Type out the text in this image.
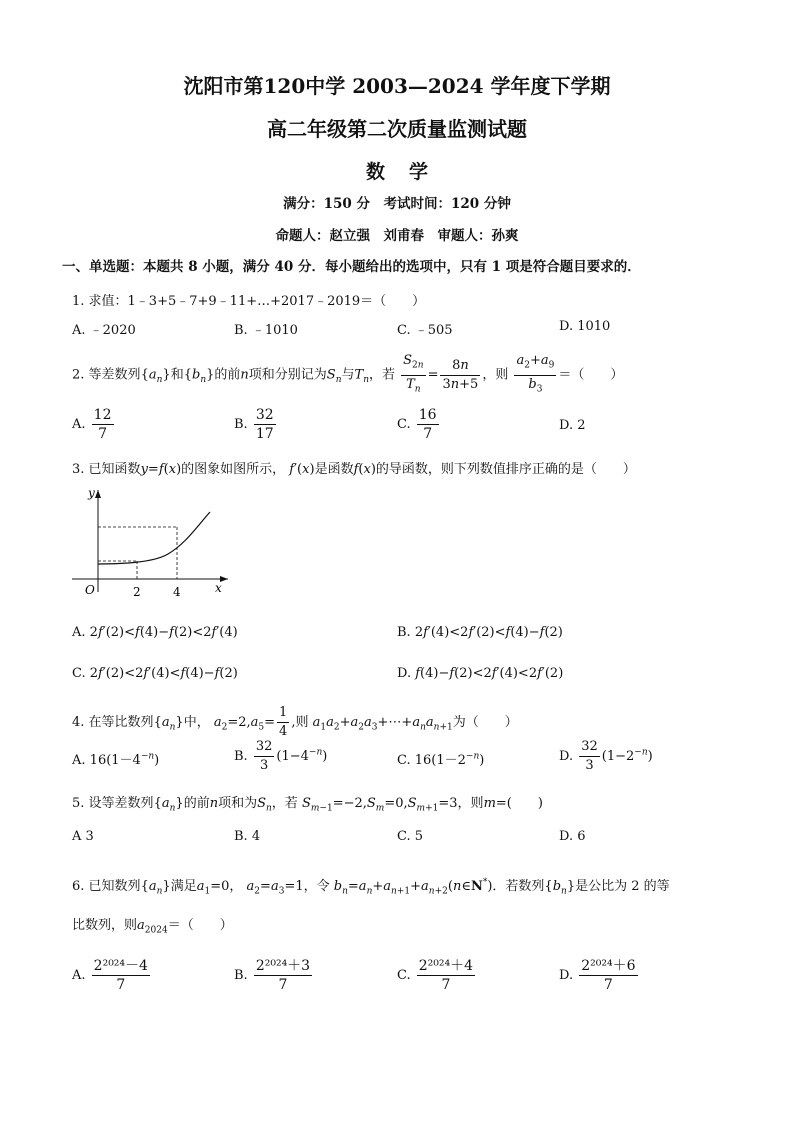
沈阳市第120中学 2003—2024 学年度下学期
高二年级第二次质量监测试题
数学
满分：150 分　考试时间：120 分钟
命题人：赵立强　刘甫春　审题人：孙爽
一、单选题：本题共 8 小题，满分 40 分．每小题给出的选项中，只有 1 项是符合题目要求的．
1. 求值：1﹣3+5﹣7+9﹣11+…+2017﹣2019＝（　　）
A. ﹣2020	B. ﹣1010	C. ﹣505	D. 1010
2. 等差数列$\{a_n\}$和$\{b_n\}$的前n项和分别记为$S_n$与$T_n$，若 $\frac{S_{2n}}{T_n} = \frac{8n}{3n+5}$ ，则 $\frac{a_2+a_9}{b_3}$ ＝（　　）
A. $\frac{12}{7}$	B. $\frac{32}{17}$	C. $\frac{16}{7}$	D. 2
3. 已知函数y=f(x)的图象如图所示， f′(x)是函数f(x)的导函数，则下列数值排序正确的是（　　）
y
x
O	2	4
A. 2f′(2)<f(4)−f(2)<2f′(4)	B. 2f′(4)<2f′(2)<f(4)−f(2)
C. 2f′(2)<2f′(4)<f(4)−f(2)	D. f(4)−f(2)<2f′(4)<2f′(2)
4. 在等比数列$\{a_n\}$中， $a_2=2,a_5= \frac{1}{4}$ ,则 $a_1a_2+a_2a_3+\cdots+a_na_{n+1}$为（　　）
A. $16(1-4^{-n})$	B. $\frac{32}{3} (1-4^{-n})$	C. $16(1-2^{-n})$	D. $\frac{32}{3} (1-2^{-n})$
5. 设等差数列$\{a_n\}$的前n项和为$S_n$，若 $S_{m-1}=-2,S_m=0,S_{m+1}=3$，则m=(　　)
A 3	B. 4	C. 5	D. 6
6. 已知数列$\{a_n\}$满足$a_1=0$， $a_2=a_3=1$，令 $b_n=a_n+a_{n+1}+a_{n+2}(n\in N^*)$．若数列$\{b_n\}$是公比为 2 的等
比数列，则$a_{2024}=$（　　）
A. $\frac{\text{2²⁰²⁴－4}}{7}$	B. $\frac{\text{2²⁰²⁴＋3}}{7}$	C. $\frac{\text{2²⁰²⁴＋4}}{7}$	D. $\frac{\text{2²⁰²⁴＋6}}{7}$
